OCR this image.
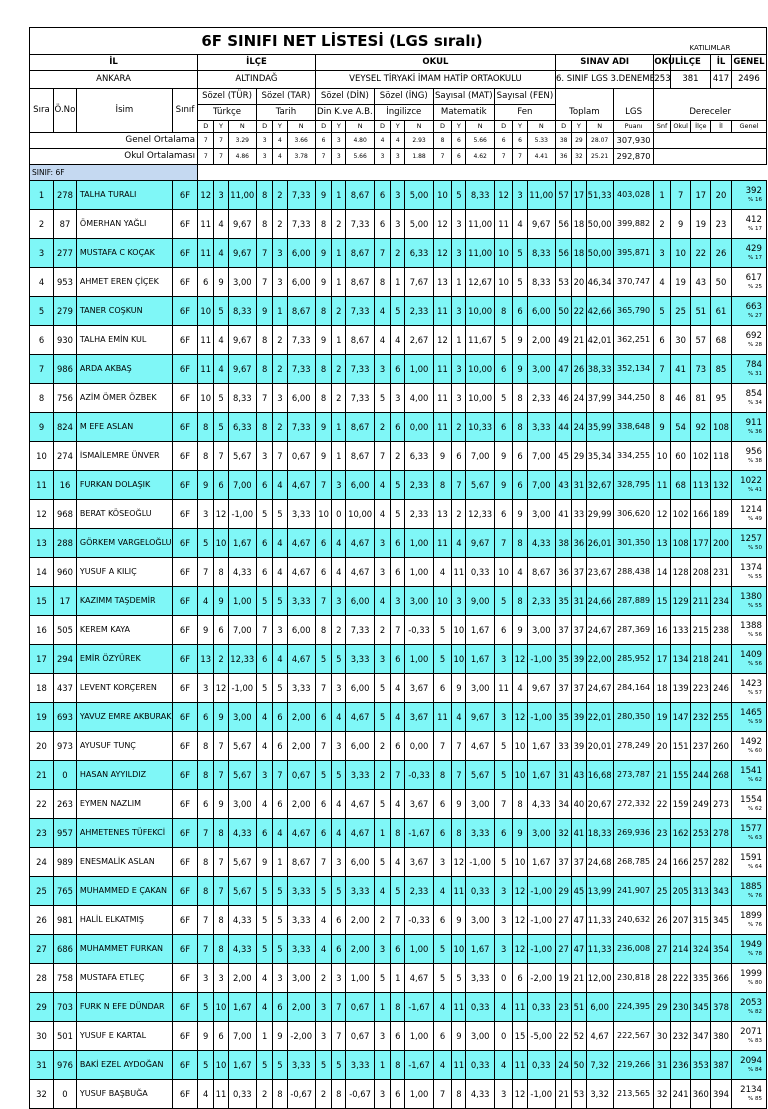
6F SINIFI NET LİSTESİ (LGS sıralı)																										KATILIMLAR				
İL				İLÇE						OKUL												SINAV ADI				OKUL	İLÇE		İL	GENEL
ANKARA				ALTINDAĞ						VEYSEL TİRYAKİ İMAM HATİP ORTAOKULU												6. SINIF LGS 3.DENEME				253	381		417	2496
Sıra	Ö.No	İsim	Sınıf	Sözel (TÜR)			Sözel (TAR)			Sözel (DİN)			Sözel (İNG)			Sayısal (MAT)			Sayısal (FEN)											
				Türkçe			Tarih			Din K.ve A.B.			İngilizce			Matematik			Fen			Toplam			LGS	Dereceler				
				D	Y	N	D	Y	N	D	Y	N	D	Y	N	D	Y	N	D	Y	N	D	Y	N	Puanı	Snf	Okul	İlçe	İl	Genel
Genel Ortalama				7	7	3.29	3	4	3.66	6	3	4.80	4	4	2.93	8	6	5.66	6	6	5.33	38	29	28.07	307,930					
Okul Ortalaması				7	7	4.86	3	4	3.78	7	3	5.66	3	3	1.88	7	6	4.62	7	7	4.41	36	32	25.21	292,870					
SINIF: 6F																														
1	278	TALHA TURALI	6F	12	3	11,00	8	2	7,33	9	1	8,67	6	3	5,00	10	5	8,33	12	3	11,00	57	17	51,33	403,028	1	7	17	20	392
% 16

2	87	ÖMERHAN YAĞLI	6F	11	4	9,67	8	2	7,33	8	2	7,33	6	3	5,00	12	3	11,00	11	4	9,67	56	18	50,00	399,882	2	9	19	23	412
% 17

3	277	MUSTAFA C KOÇAK	6F	11	4	9,67	7	3	6,00	9	1	8,67	7	2	6,33	12	3	11,00	10	5	8,33	56	18	50,00	395,871	3	10	22	26	429
% 17

4	953	AHMET EREN ÇİÇEK	6F	6	9	3,00	7	3	6,00	9	1	8,67	8	1	7,67	13	1	12,67	10	5	8,33	53	20	46,34	370,747	4	19	43	50	617
% 25

5	279	TANER COŞKUN	6F	10	5	8,33	9	1	8,67	8	2	7,33	4	5	2,33	11	3	10,00	8	6	6,00	50	22	42,66	365,790	5	25	51	61	663
% 27

6	930	TALHA EMİN KUL	6F	11	4	9,67	8	2	7,33	9	1	8,67	4	4	2,67	12	1	11,67	5	9	2,00	49	21	42,01	362,251	6	30	57	68	692
% 28

7	986	ARDA AKBAŞ	6F	11	4	9,67	8	2	7,33	8	2	7,33	3	6	1,00	11	3	10,00	6	9	3,00	47	26	38,33	352,134	7	41	73	85	784
% 31

8	756	AZİM ÖMER ÖZBEK	6F	10	5	8,33	7	3	6,00	8	2	7,33	5	3	4,00	11	3	10,00	5	8	2,33	46	24	37,99	344,250	8	46	81	95	854
% 34

9	824	M EFE ASLAN	6F	8	5	6,33	8	2	7,33	9	1	8,67	2	6	0,00	11	2	10,33	6	8	3,33	44	24	35,99	338,648	9	54	92	108	911
% 36

10	274	İSMAİLEMRE ÜNVER	6F	8	7	5,67	3	7	0,67	9	1	8,67	7	2	6,33	9	6	7,00	9	6	7,00	45	29	35,34	334,255	10	60	102	118	956
% 38

11	16	FURKAN DOLAŞIK	6F	9	6	7,00	6	4	4,67	7	3	6,00	4	5	2,33	8	7	5,67	9	6	7,00	43	31	32,67	328,795	11	68	113	132	1022
% 41

12	968	BERAT KÖSEOĞLU	6F	3	12	-1,00	5	5	3,33	10	0	10,00	4	5	2,33	13	2	12,33	6	9	3,00	41	33	29,99	306,620	12	102	166	189	1214
% 49

13	288	GÖRKEM VARGELOĞLU	6F	5	10	1,67	6	4	4,67	6	4	4,67	3	6	1,00	11	4	9,67	7	8	4,33	38	36	26,01	301,350	13	108	177	200	1257
% 50

14	960	YUSUF A KILIÇ	6F	7	8	4,33	6	4	4,67	6	4	4,67	3	6	1,00	4	11	0,33	10	4	8,67	36	37	23,67	288,438	14	128	208	231	1374
% 55

15	17	KAZIMM TAŞDEMİR	6F	4	9	1,00	5	5	3,33	7	3	6,00	4	3	3,00	10	3	9,00	5	8	2,33	35	31	24,66	287,889	15	129	211	234	1380
% 55

16	505	KEREM KAYA	6F	9	6	7,00	7	3	6,00	8	2	7,33	2	7	-0,33	5	10	1,67	6	9	3,00	37	37	24,67	287,369	16	133	215	238	1388
% 56

17	294	EMİR ÖZYÜREK	6F	13	2	12,33	6	4	4,67	5	5	3,33	3	6	1,00	5	10	1,67	3	12	-1,00	35	39	22,00	285,952	17	134	218	241	1409
% 56

18	437	LEVENT KORÇEREN	6F	3	12	-1,00	5	5	3,33	7	3	6,00	5	4	3,67	6	9	3,00	11	4	9,67	37	37	24,67	284,164	18	139	223	246	1423
% 57

19	693	YAVUZ EMRE AKBURAK	6F	6	9	3,00	4	6	2,00	6	4	4,67	5	4	3,67	11	4	9,67	3	12	-1,00	35	39	22,01	280,350	19	147	232	255	1465
% 59

20	973	AYUSUF TUNÇ	6F	8	7	5,67	4	6	2,00	7	3	6,00	2	6	0,00	7	7	4,67	5	10	1,67	33	39	20,01	278,249	20	151	237	260	1492
% 60

21	0	HASAN AYYILDIZ	6F	8	7	5,67	3	7	0,67	5	5	3,33	2	7	-0,33	8	7	5,67	5	10	1,67	31	43	16,68	273,787	21	155	244	268	1541
% 62

22	263	EYMEN NAZLIM	6F	6	9	3,00	4	6	2,00	6	4	4,67	5	4	3,67	6	9	3,00	7	8	4,33	34	40	20,67	272,332	22	159	249	273	1554
% 62

23	957	AHMETENES TÜFEKCİ	6F	7	8	4,33	6	4	4,67	6	4	4,67	1	8	-1,67	6	8	3,33	6	9	3,00	32	41	18,33	269,936	23	162	253	278	1577
% 63

24	989	ENESMALİK ASLAN	6F	8	7	5,67	9	1	8,67	7	3	6,00	5	4	3,67	3	12	-1,00	5	10	1,67	37	37	24,68	268,785	24	166	257	282	1591
% 64

25	765	MUHAMMED E ÇAKAN	6F	8	7	5,67	5	5	3,33	5	5	3,33	4	5	2,33	4	11	0,33	3	12	-1,00	29	45	13,99	241,907	25	205	313	343	1885
% 76

26	981	HALİL ELKATMIŞ	6F	7	8	4,33	5	5	3,33	4	6	2,00	2	7	-0,33	6	9	3,00	3	12	-1,00	27	47	11,33	240,632	26	207	315	345	1899
% 76

27	686	MUHAMMET FURKAN	6F	7	8	4,33	5	5	3,33	4	6	2,00	3	6	1,00	5	10	1,67	3	12	-1,00	27	47	11,33	236,008	27	214	324	354	1949
% 78

28	758	MUSTAFA ETLEÇ	6F	3	3	2,00	4	3	3,00	2	3	1,00	5	1	4,67	5	5	3,33	0	6	-2,00	19	21	12,00	230,818	28	222	335	366	1999
% 80

29	703	FURK N EFE DÜNDAR	6F	5	10	1,67	4	6	2,00	3	7	0,67	1	8	-1,67	4	11	0,33	4	11	0,33	23	51	6,00	224,395	29	230	345	378	2053
% 82

30	501	YUSUF E KARTAL	6F	9	6	7,00	1	9	-2,00	3	7	0,67	3	6	1,00	6	9	3,00	0	15	-5,00	22	52	4,67	222,567	30	232	347	380	2071
% 83

31	976	BAKİ EZEL AYDOĞAN	6F	5	10	1,67	5	5	3,33	5	5	3,33	1	8	-1,67	4	11	0,33	4	11	0,33	24	50	7,32	219,266	31	236	353	387	2094
% 84

32	0	YUSUF BAŞBUĞA	6F	4	11	0,33	2	8	-0,67	2	8	-0,67	3	6	1,00	7	8	4,33	3	12	-1,00	21	53	3,32	213,565	32	241	360	394	2134
% 85
